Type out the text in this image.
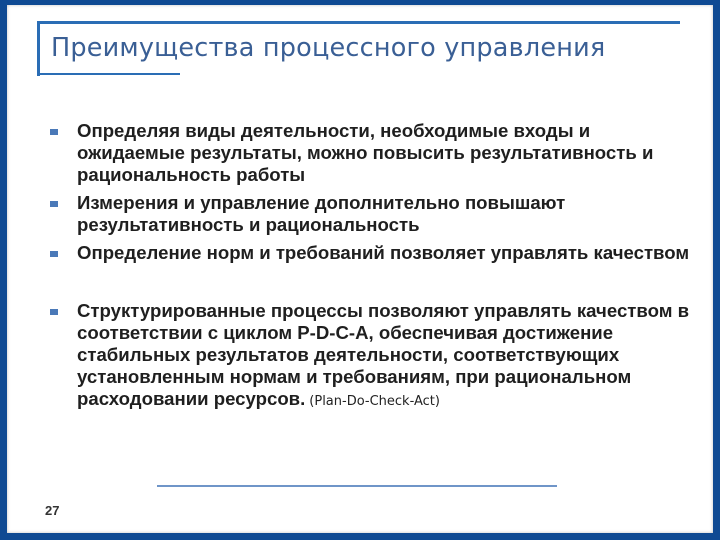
Преимущества процессного управления
Определяя виды деятельности, необходимые входы и ожидаемые результаты, можно повысить результативность и рациональность работы
Измерения и управление дополнительно повышают результативность и рациональность
Определение норм и требований позволяет управлять качеством
Структурированные процессы позволяют управлять качеством в соответствии с циклом P-D-C-A, обеспечивая достижение стабильных результатов деятельности, соответствующих установленным нормам и требованиям, при рациональном расходовании ресурсов. (Plan-Do-Check-Act)
27
